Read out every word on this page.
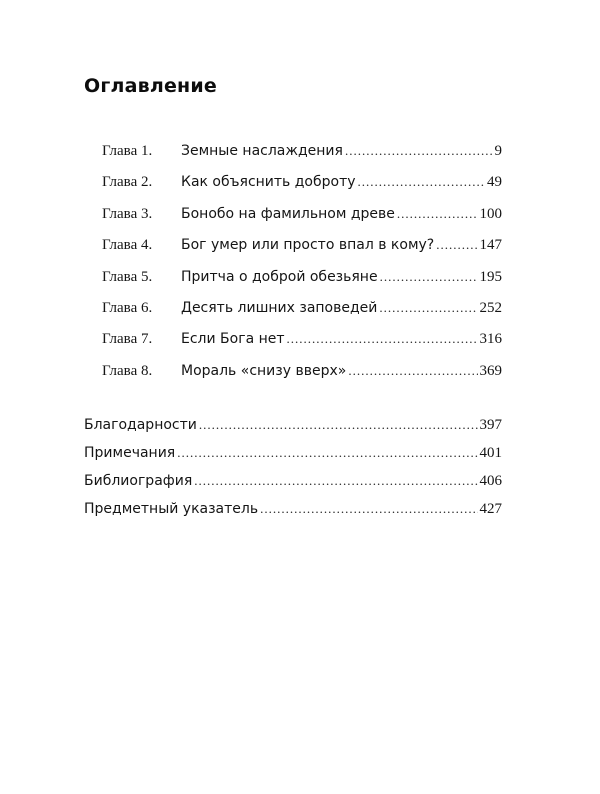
Оглавление
Глава 1.	Земные наслаждения .....	9
Глава 2.	Как объяснить доброту .....	49
Глава 3.	Бонобо на фамильном древе .....	100
Глава 4.	Бог умер или просто впал в кому? .....	147
Глава 5.	Притча о доброй обезьяне .....	195
Глава 6.	Десять лишних заповедей .....	252
Глава 7.	Если Бога нет .....	316
Глава 8.	Мораль «снизу вверх» .....	369
Благодарности .....	397
Примечания .....	401
Библиография .....	406
Предметный указатель .....	427
